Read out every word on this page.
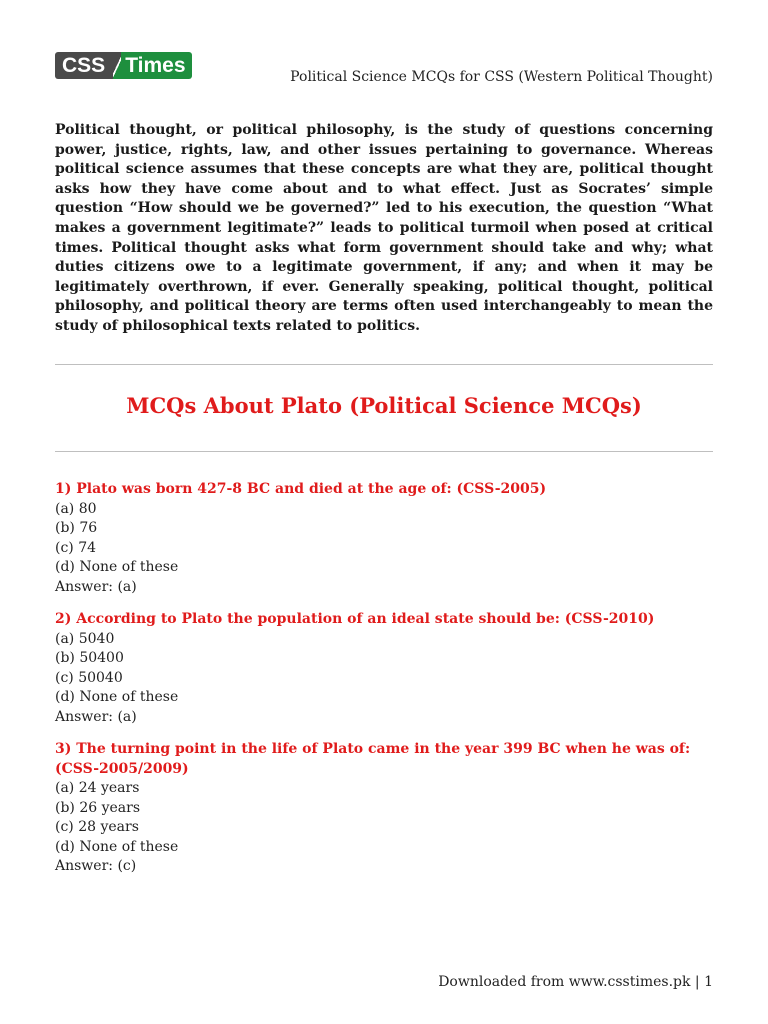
CSS Times	Political Science MCQs for CSS (Western Political Thought)

Political thought, or political philosophy, is the study of questions concerning power, justice, rights, law, and other issues pertaining to governance. Whereas political science assumes that these concepts are what they are, political thought asks how they have come about and to what effect. Just as Socrates’ simple question “How should we be governed?” led to his execution, the question “What makes a government legitimate?” leads to political turmoil when posed at critical times. Political thought asks what form government should take and why; what duties citizens owe to a legitimate government, if any; and when it may be legitimately overthrown, if ever. Generally speaking, political thought, political philosophy, and political theory are terms often used interchangeably to mean the study of philosophical texts related to politics.

MCQs About Plato (Political Science MCQs)

1) Plato was born 427-8 BC and died at the age of: (CSS-2005)

(a) 80

(b) 76

(c) 74

(d) None of these

Answer: (a)

2) According to Plato the population of an ideal state should be: (CSS-2010)

(a) 5040

(b) 50400

(c) 50040

(d) None of these

Answer: (a)

3) The turning point in the life of Plato came in the year 399 BC when he was of: (CSS-2005/2009)

(a) 24 years

(b) 26 years

(c) 28 years

(d) None of these

Answer: (c)

Downloaded from www.csstimes.pk | 1
